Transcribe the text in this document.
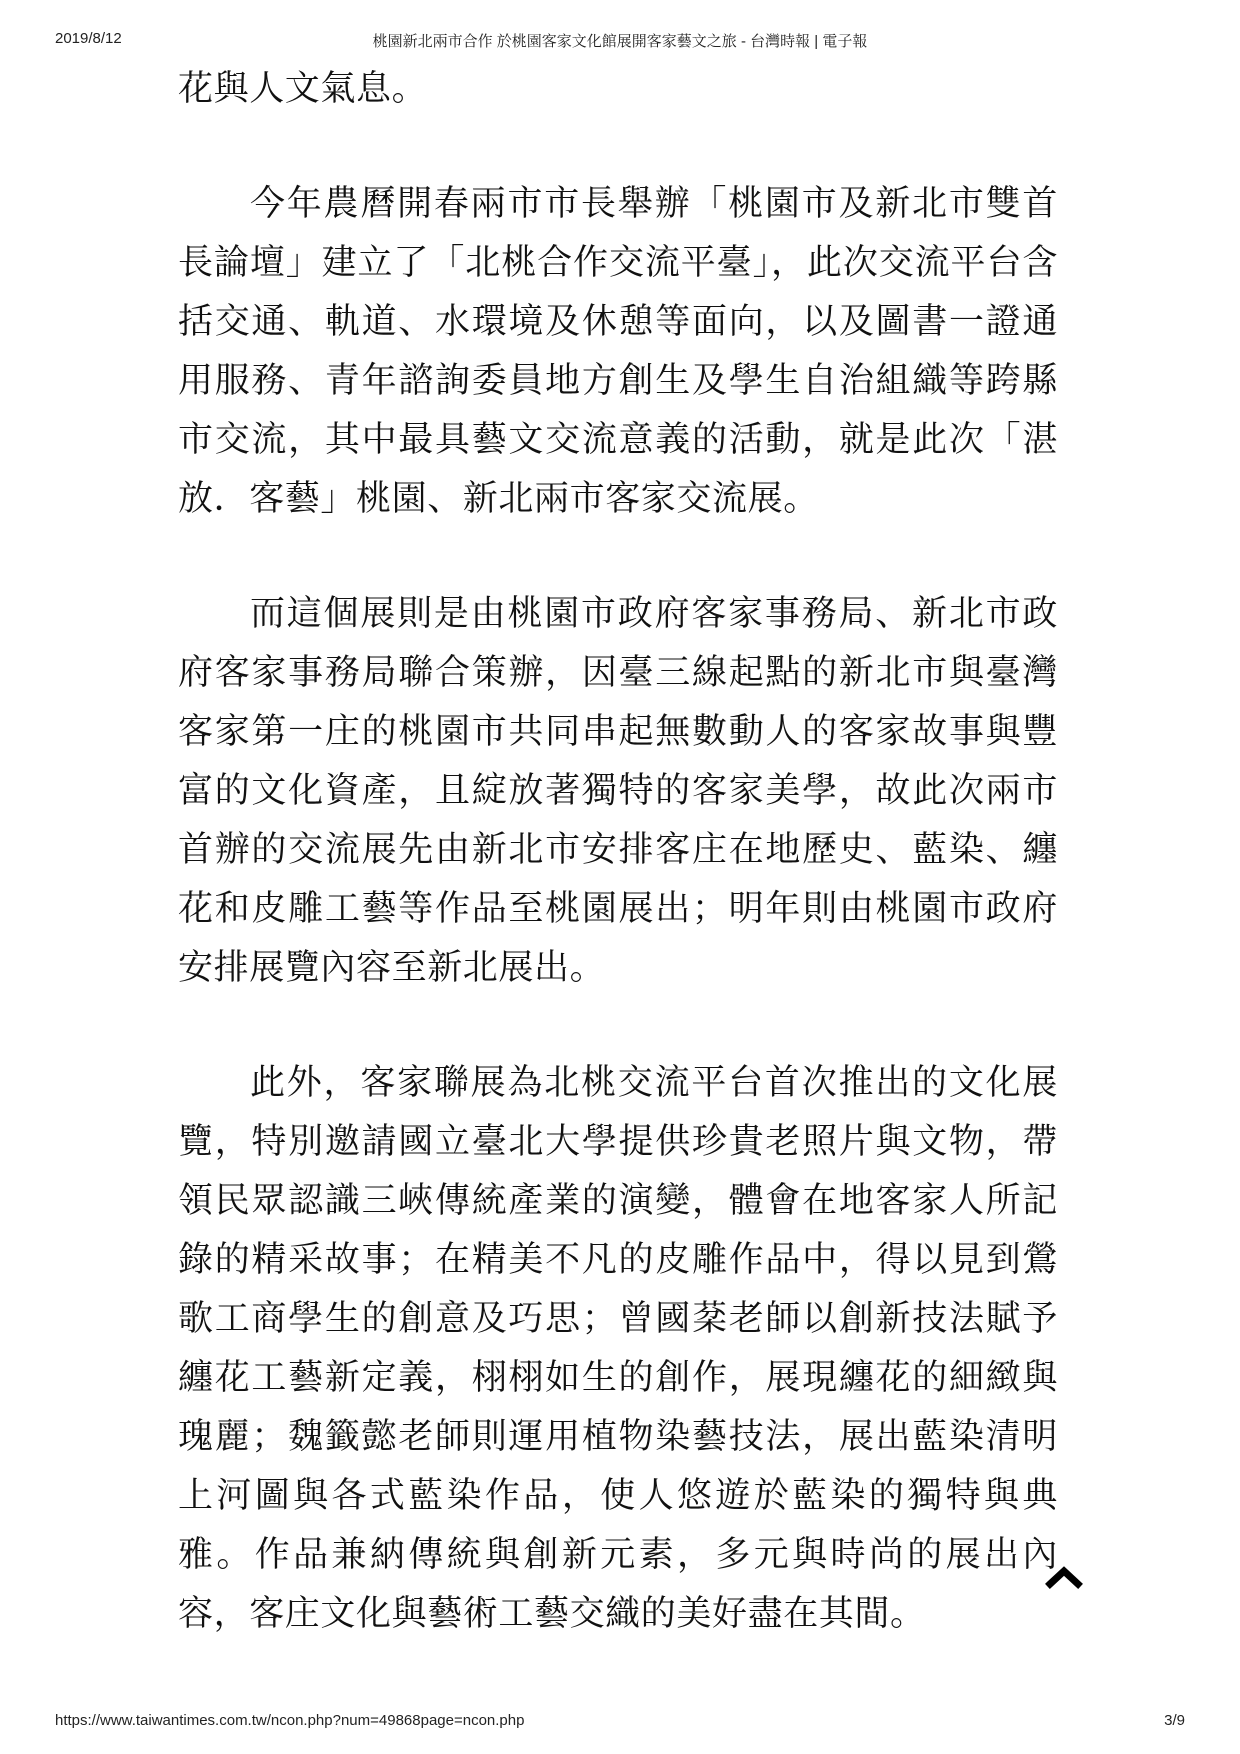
2019/8/12	桃園新北兩市合作 於桃園客家文化館展開客家藝文之旅 - 台灣時報 | 電子報

花與人文氣息。

今年農曆開春兩市市長舉辦「桃園市及新北市雙首長論壇」建立了「北桃合作交流平臺」，此次交流平台含括交通、軌道、水環境及休憩等面向，以及圖書一證通用服務、青年諮詢委員地方創生及學生自治組織等跨縣市交流，其中最具藝文交流意義的活動，就是此次「湛放．客藝」桃園、新北兩市客家交流展。

而這個展則是由桃園市政府客家事務局、新北市政府客家事務局聯合策辦，因臺三線起點的新北市與臺灣客家第一庄的桃園市共同串起無數動人的客家故事與豐富的文化資產，且綻放著獨特的客家美學，故此次兩市首辦的交流展先由新北市安排客庄在地歷史、藍染、纏花和皮雕工藝等作品至桃園展出；明年則由桃園市政府安排展覽內容至新北展出。

此外，客家聯展為北桃交流平台首次推出的文化展覽，特別邀請國立臺北大學提供珍貴老照片與文物，帶領民眾認識三峽傳統產業的演變，體會在地客家人所記錄的精采故事；在精美不凡的皮雕作品中，得以見到鶯歌工商學生的創意及巧思；曾國棻老師以創新技法賦予纏花工藝新定義，栩栩如生的創作，展現纏花的細緻與瑰麗；魏籤懿老師則運用植物染藝技法，展出藍染清明上河圖與各式藍染作品，使人悠遊於藍染的獨特與典雅。作品兼納傳統與創新元素，多元與時尚的展出內容，客庄文化與藝術工藝交織的美好盡在其間。

https://www.taiwantimes.com.tw/ncon.php?num=49868page=ncon.php	3/9
